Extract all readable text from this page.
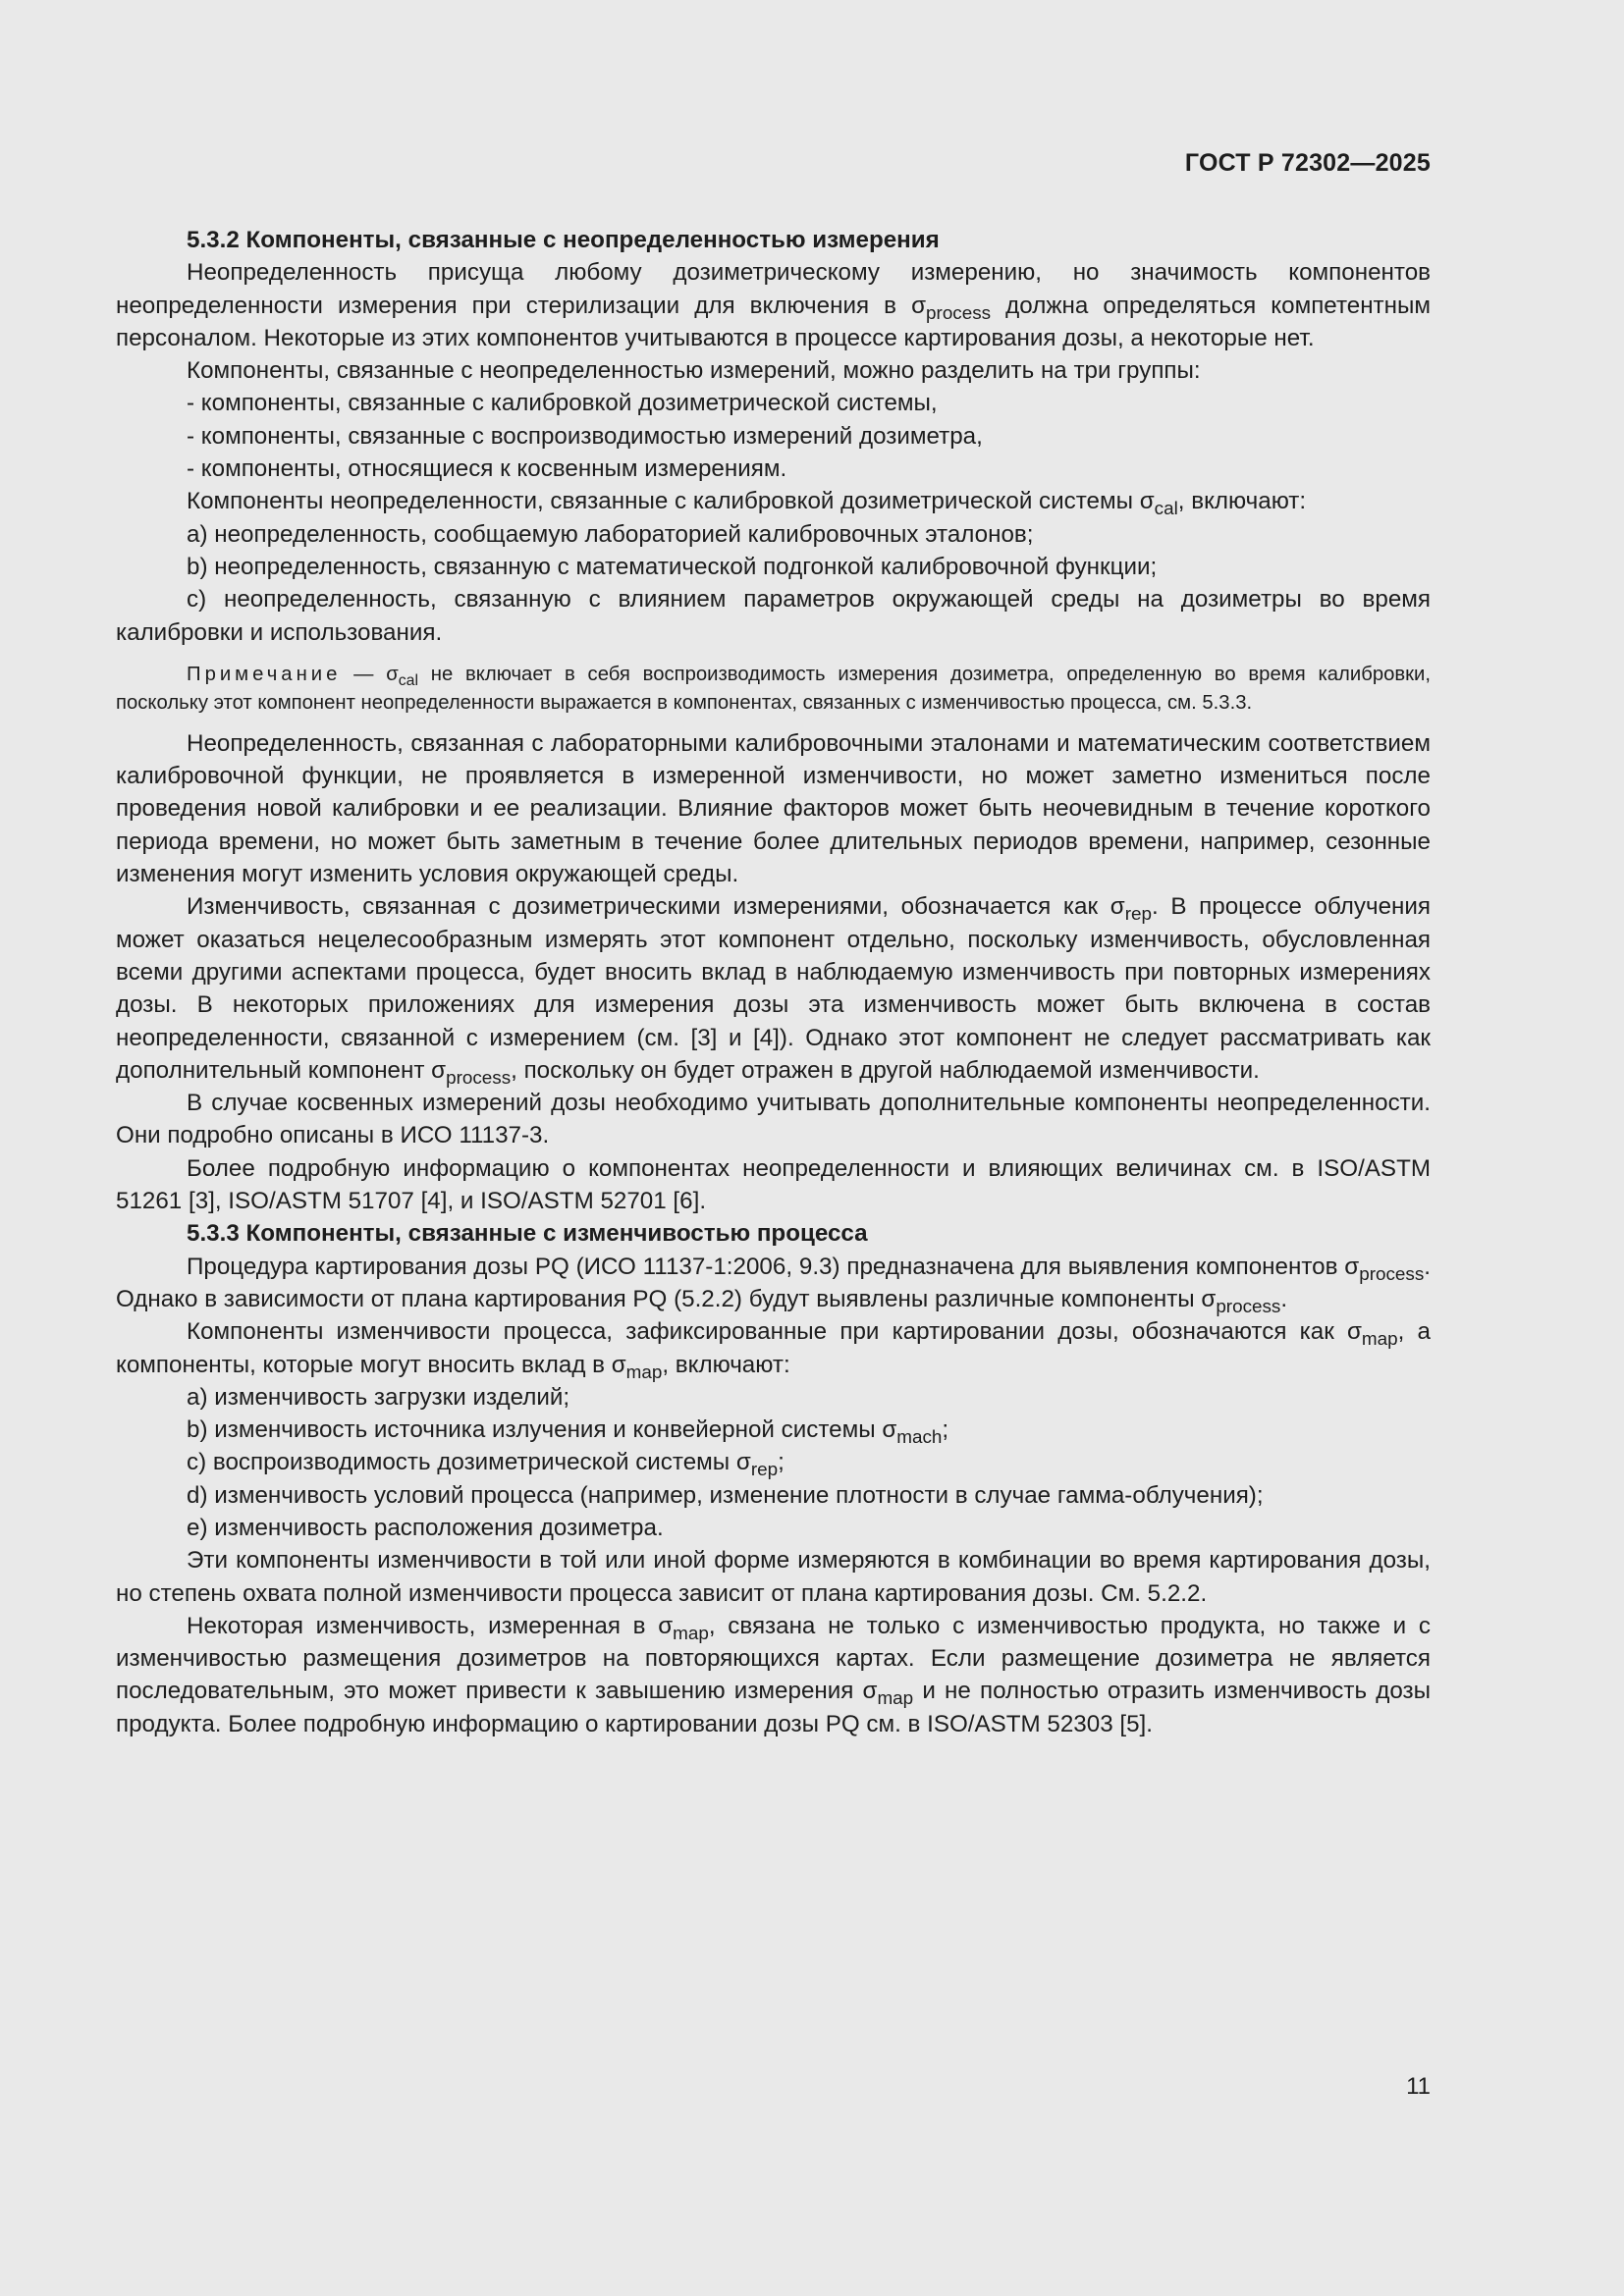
ГОСТ Р 72302—2025

5.3.2 Компоненты, связанные с неопределенностью измерения

Неопределенность присуща любому дозиметрическому измерению, но значимость компонентов неопределенности измерения при стерилизации для включения в $\sigma_{process}$ должна определяться компетентным персоналом. Некоторые из этих компонентов учитываются в процессе картирования дозы, а некоторые нет.

Компоненты, связанные с неопределенностью измерений, можно разделить на три группы:

- компоненты, связанные с калибровкой дозиметрической системы,

- компоненты, связанные с воспроизводимостью измерений дозиметра,

- компоненты, относящиеся к косвенным измерениям.

Компоненты неопределенности, связанные с калибровкой дозиметрической системы $\sigma_{cal}$, включают:

a) неопределенность, сообщаемую лабораторией калибровочных эталонов;

b) неопределенность, связанную с математической подгонкой калибровочной функции;

c) неопределенность, связанную с влиянием параметров окружающей среды на дозиметры во время калибровки и использования.

Примечание — $\sigma_{cal}$ не включает в себя воспроизводимость измерения дозиметра, определенную во время калибровки, поскольку этот компонент неопределенности выражается в компонентах, связанных с изменчивостью процесса, см. 5.3.3.

Неопределенность, связанная с лабораторными калибровочными эталонами и математическим соответствием калибровочной функции, не проявляется в измеренной изменчивости, но может заметно измениться после проведения новой калибровки и ее реализации. Влияние факторов может быть неочевидным в течение короткого периода времени, но может быть заметным в течение более длительных периодов времени, например, сезонные изменения могут изменить условия окружающей среды.

Изменчивость, связанная с дозиметрическими измерениями, обозначается как $\sigma_{rep}$. В процессе облучения может оказаться нецелесообразным измерять этот компонент отдельно, поскольку изменчивость, обусловленная всеми другими аспектами процесса, будет вносить вклад в наблюдаемую изменчивость при повторных измерениях дозы. В некоторых приложениях для измерения дозы эта изменчивость может быть включена в состав неопределенности, связанной с измерением (см. [3] и [4]). Однако этот компонент не следует рассматривать как дополнительный компонент $\sigma_{process}$, поскольку он будет отражен в другой наблюдаемой изменчивости.

В случае косвенных измерений дозы необходимо учитывать дополнительные компоненты неопределенности. Они подробно описаны в ИСО 11137-3.

Более подробную информацию о компонентах неопределенности и влияющих величинах см. в ISO/ASTM 51261 [3], ISO/ASTM 51707 [4], и ISO/ASTM 52701 [6].

5.3.3 Компоненты, связанные с изменчивостью процесса

Процедура картирования дозы PQ (ИСО 11137-1:2006, 9.3) предназначена для выявления компонентов $\sigma_{process}$. Однако в зависимости от плана картирования PQ (5.2.2) будут выявлены различные компоненты $\sigma_{process}$.

Компоненты изменчивости процесса, зафиксированные при картировании дозы, обозначаются как $\sigma_{map}$, а компоненты, которые могут вносить вклад в $\sigma_{map}$, включают:

a) изменчивость загрузки изделий;

b) изменчивость источника излучения и конвейерной системы $\sigma_{mach}$;

c) воспроизводимость дозиметрической системы $\sigma_{rep}$;

d) изменчивость условий процесса (например, изменение плотности в случае гамма-облучения);

e) изменчивость расположения дозиметра.

Эти компоненты изменчивости в той или иной форме измеряются в комбинации во время картирования дозы, но степень охвата полной изменчивости процесса зависит от плана картирования дозы. См. 5.2.2.

Некоторая изменчивость, измеренная в $\sigma_{map}$, связана не только с изменчивостью продукта, но также и с изменчивостью размещения дозиметров на повторяющихся картах. Если размещение дозиметра не является последовательным, это может привести к завышению измерения $\sigma_{map}$ и не полностью отразить изменчивость дозы продукта. Более подробную информацию о картировании дозы PQ см. в ISO/ASTM 52303 [5].

11
